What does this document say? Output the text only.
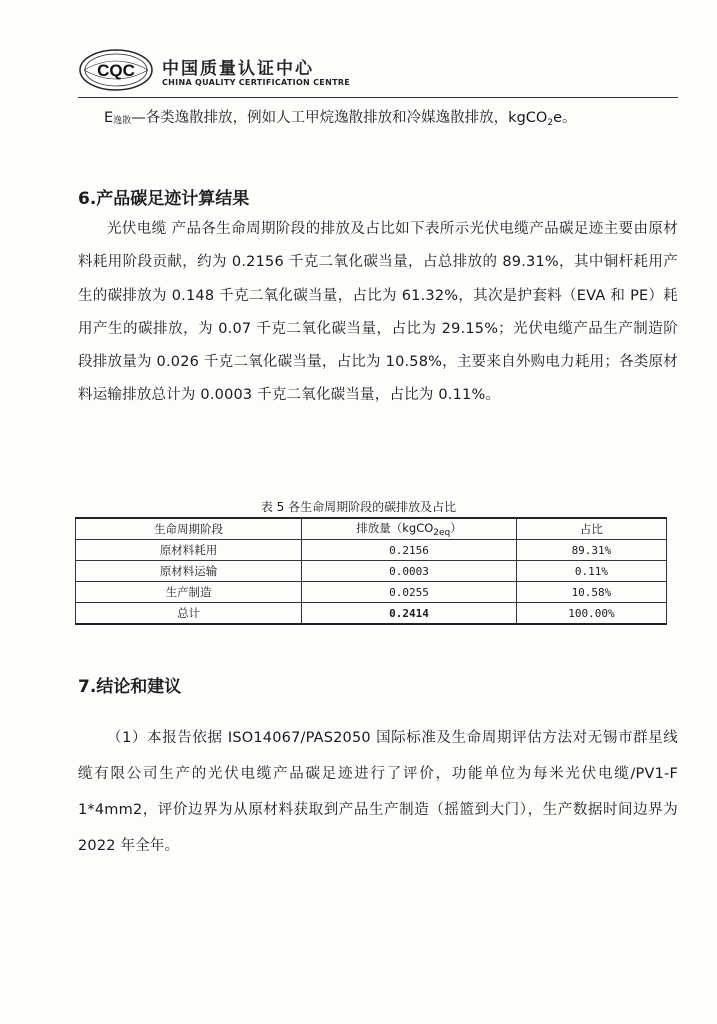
CQC 中国质量认证中心
CHINA QUALITY CERTIFICATION CENTRE
E逸散—各类逸散排放，例如人工甲烷逸散排放和冷媒逸散排放，kgCO$_2$e。
6.产品碳足迹计算结果

光伏电缆 产品各生命周期阶段的排放及占比如下表所示光伏电缆产品碳足迹主要由原材料耗用阶段贡献，约为 0.2156 千克二氧化碳当量，占总排放的 89.31%，其中铜杆耗用产生的碳排放为 0.148 千克二氧化碳当量，占比为 61.32%，其次是护套料（EVA 和 PE）耗用产生的碳排放，为 0.07 千克二氧化碳当量，占比为 29.15%；光伏电缆产品生产制造阶段排放量为 0.026 千克二氧化碳当量，占比为 10.58%，主要来自外购电力耗用；各类原材料运输排放总计为 0.0003 千克二氧化碳当量，占比为 0.11%。

表 5 各生命周期阶段的碳排放及占比
生命周期阶段	排放量（kgCO$_{2eq}$）	占比
原材料耗用	0.2156	89.31%
原材料运输	0.0003	0.11%
生产制造	0.0255	10.58%
总计	0.2414	100.00%
7.结论和建议

（1）本报告依据 ISO14067/PAS2050 国际标准及生命周期评估方法对无锡市群星线缆有限公司生产的光伏电缆产品碳足迹进行了评价，功能单位为每米光伏电缆/PV1-F 1*4mm2，评价边界为从原材料获取到产品生产制造（摇篮到大门），生产数据时间边界为 2022 年全年。
